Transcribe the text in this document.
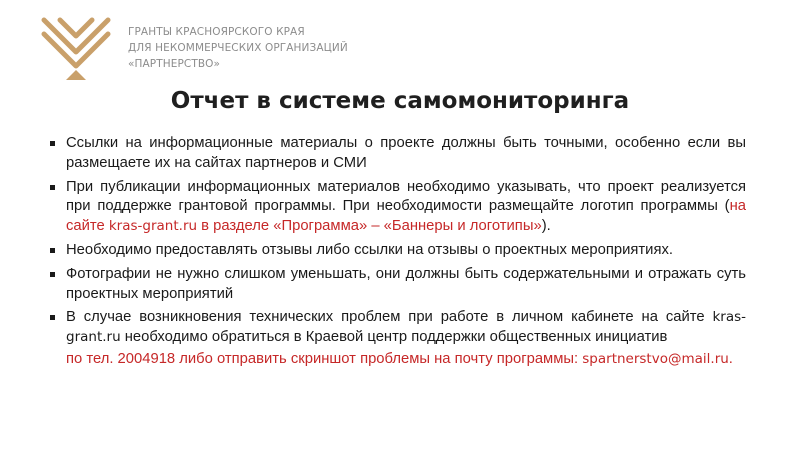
ГРАНТЫ КРАСНОЯРСКОГО КРАЯ
ДЛЯ НЕКОММЕРЧЕСКИХ ОРГАНИЗАЦИЙ
«ПАРТНЕРСТВО»
Отчет в системе самомониторинга
Ссылки на информационные материалы о проекте должны быть точными, особенно если вы размещаете их на сайтах партнеров и СМИ
При публикации информационных материалов необходимо указывать, что проект реализуется при поддержке грантовой программы. При необходимости размещайте логотип программы (на сайте kras-grant.ru в разделе «Программа» – «Баннеры и логотипы»).
Необходимо предоставлять отзывы либо ссылки на отзывы о проектных мероприятиях.
Фотографии не нужно слишком уменьшать, они должны быть содержательными и отражать суть проектных мероприятий
В случае возникновения технических проблем при работе в личном кабинете на сайте kras-grant.ru необходимо обратиться в Краевой центр поддержки общественных инициатив
по тел. 2004918 либо отправить скриншот проблемы на почту программы: spartnerstvo@mail.ru.
